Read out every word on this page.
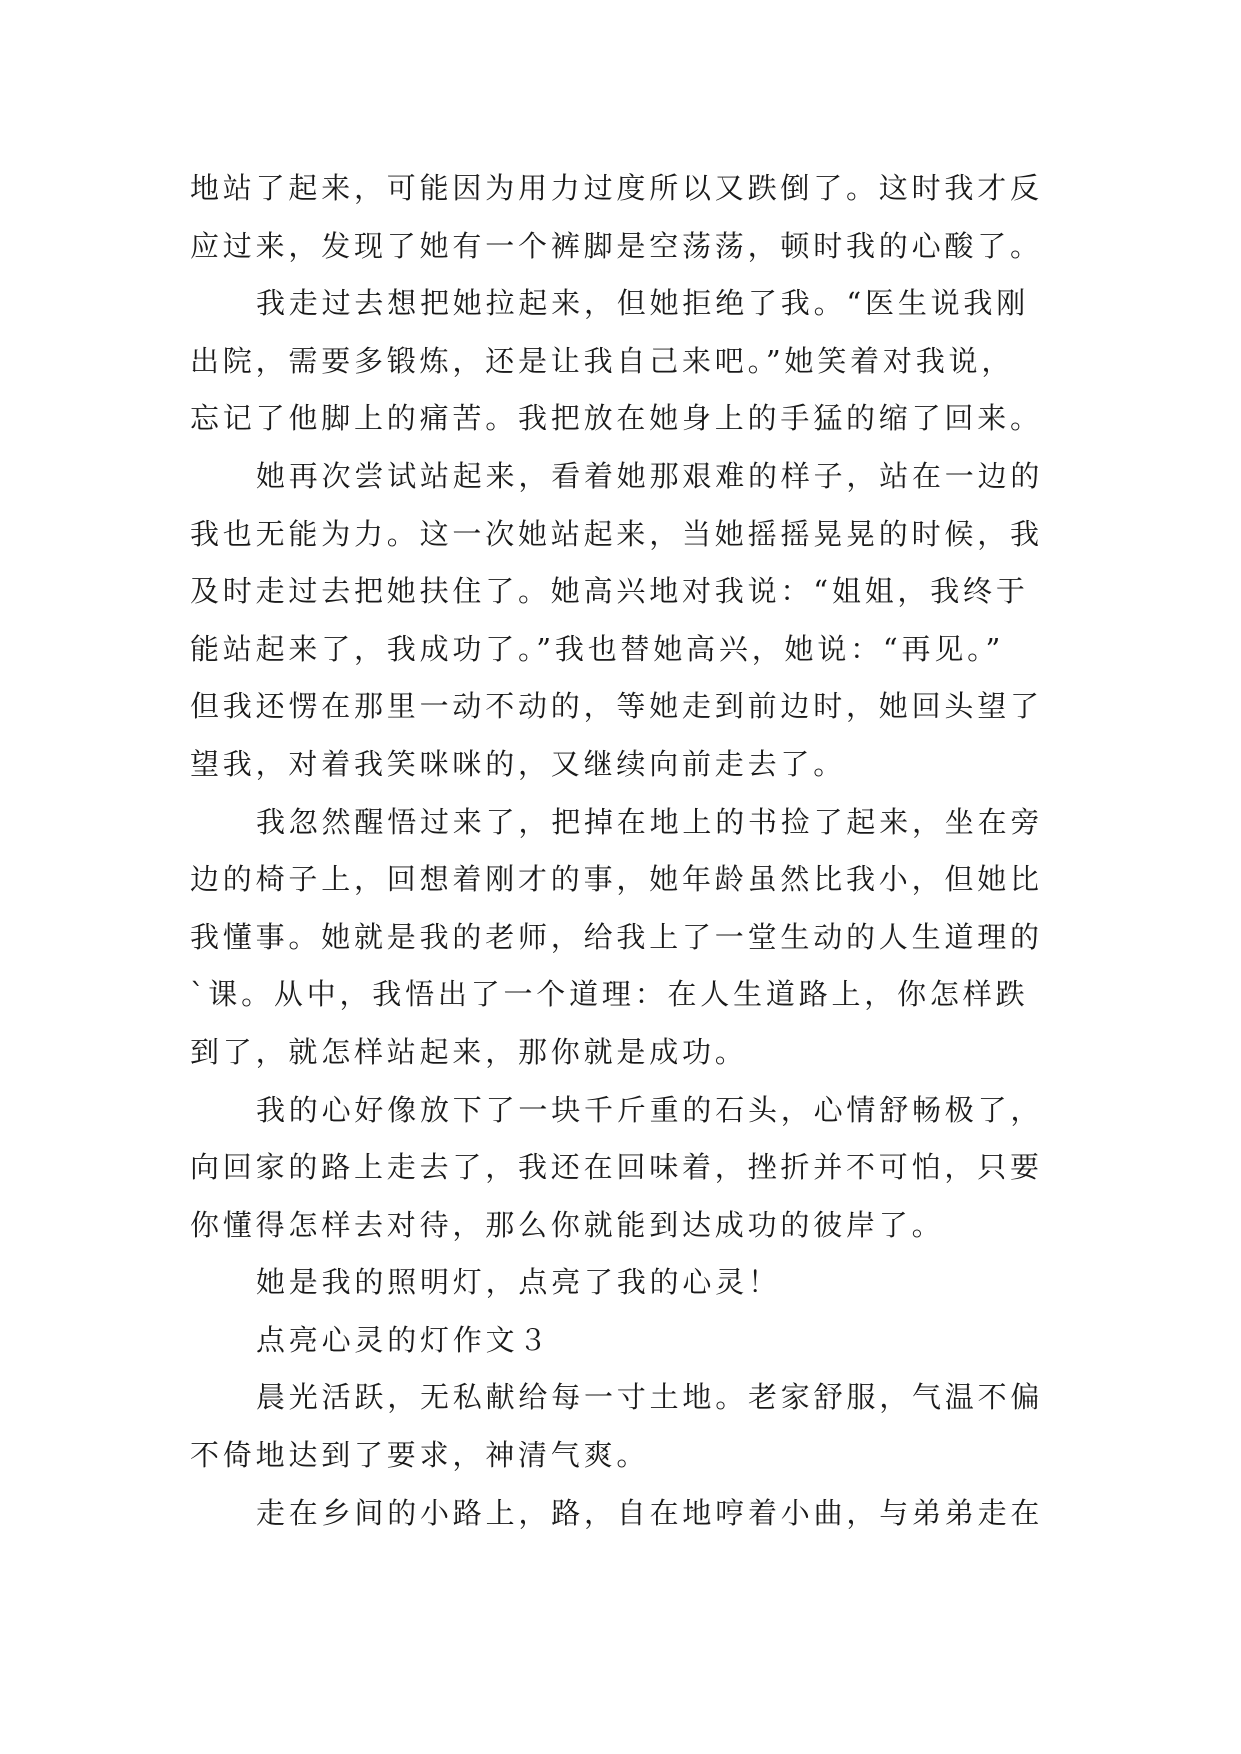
地站了起来，可能因为用力过度所以又跌倒了。这时我才反
应过来，发现了她有一个裤脚是空荡荡，顿时我的心酸了。
我走过去想把她拉起来，但她拒绝了我。“医生说我刚
出院，需要多锻炼，还是让我自己来吧。”她笑着对我说，
忘记了他脚上的痛苦。我把放在她身上的手猛的缩了回来。
她再次尝试站起来，看着她那艰难的样子，站在一边的
我也无能为力。这一次她站起来，当她摇摇晃晃的时候，我
及时走过去把她扶住了。她高兴地对我说：“姐姐，我终于
能站起来了，我成功了。”我也替她高兴，她说：“再见。”
但我还愣在那里一动不动的，等她走到前边时，她回头望了
望我，对着我笑咪咪的，又继续向前走去了。
我忽然醒悟过来了，把掉在地上的书捡了起来，坐在旁
边的椅子上，回想着刚才的事，她年龄虽然比我小，但她比
我懂事。她就是我的老师，给我上了一堂生动的人生道理的
`课。从中，我悟出了一个道理：在人生道路上，你怎样跌
到了，就怎样站起来，那你就是成功。
我的心好像放下了一块千斤重的石头，心情舒畅极了，
向回家的路上走去了，我还在回味着，挫折并不可怕，只要
你懂得怎样去对待，那么你就能到达成功的彼岸了。
她是我的照明灯，点亮了我的心灵！
点亮心灵的灯作文３
晨光活跃，无私献给每一寸土地。老家舒服，气温不偏
不倚地达到了要求，神清气爽。
走在乡间的小路上，路，自在地哼着小曲，与弟弟走在
